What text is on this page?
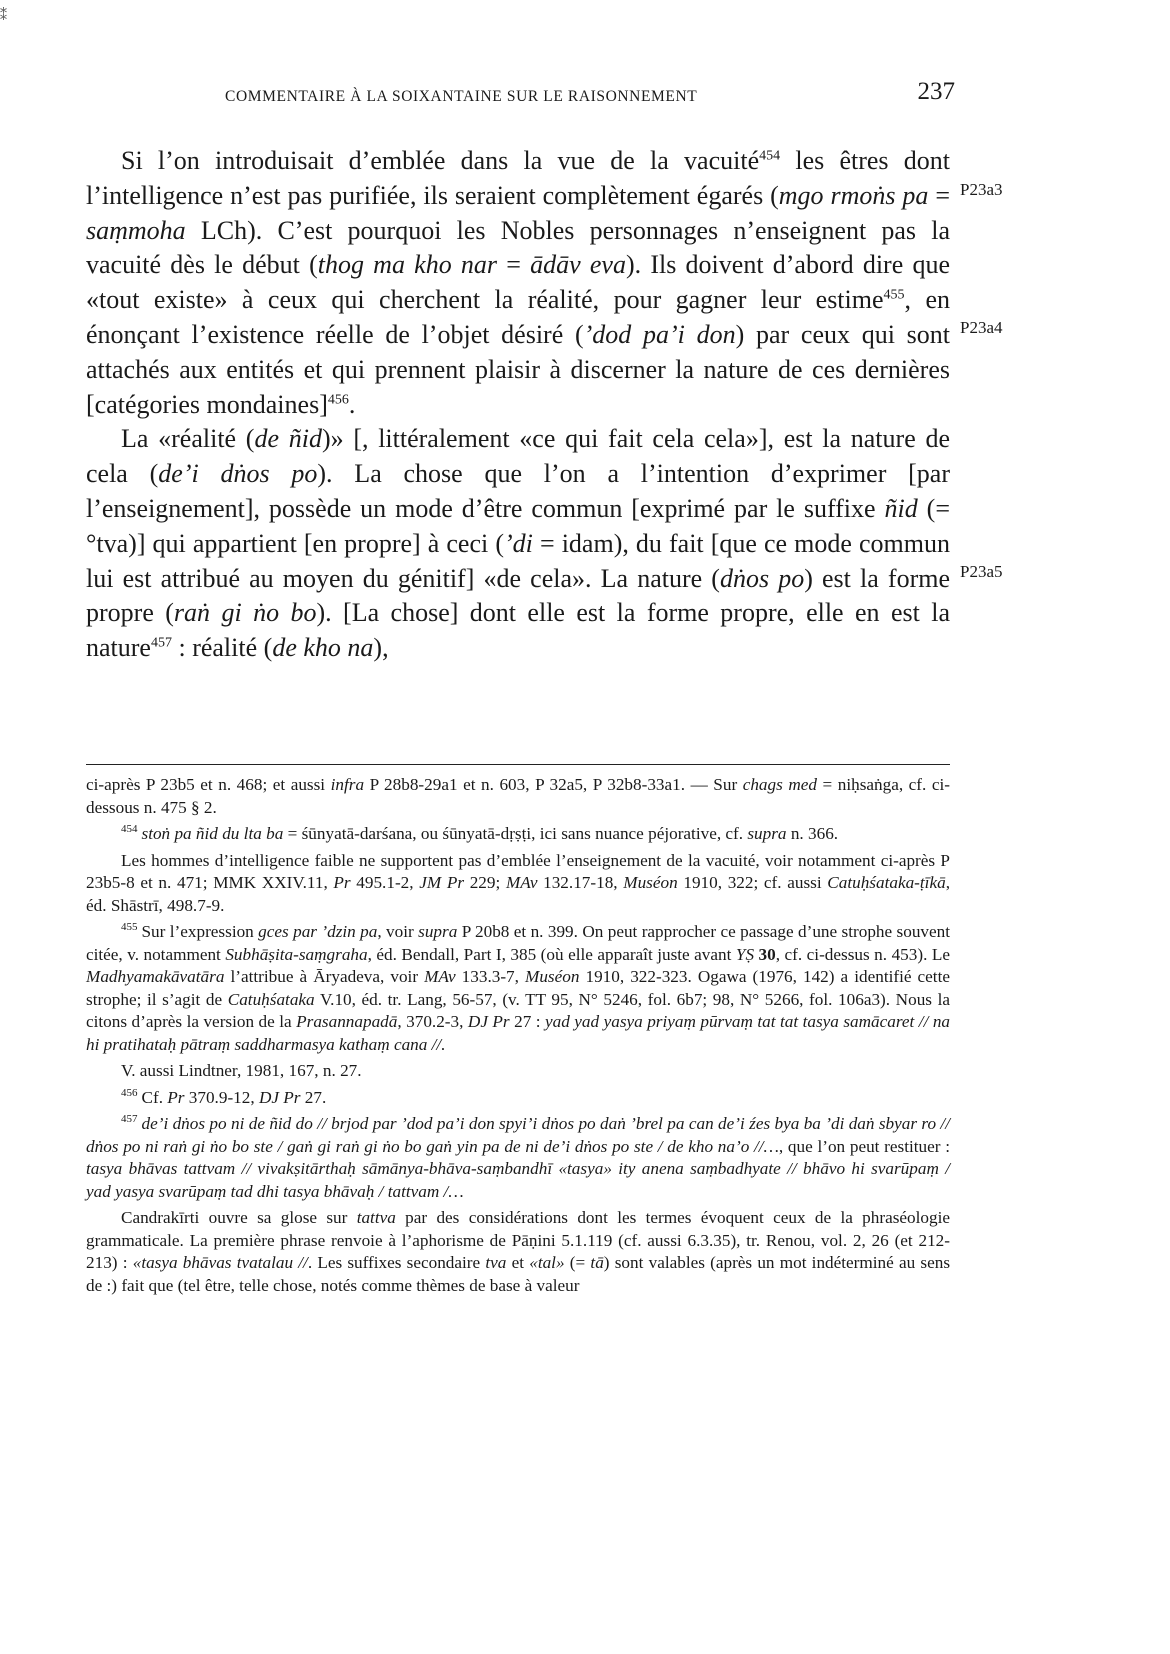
⁑
COMMENTAIRE À LA SOIXANTAINE SUR LE RAISONNEMENT	237
P23a3
P23a4
P23a5

Si l’on introduisait d’emblée dans la vue de la vacuité$^{454}$ les êtres dont l’intelligence n’est pas purifiée, ils seraient complètement égarés (mgo rmoṅs pa = saṃmoha LCh). C’est pourquoi les Nobles personnages n’enseignent pas la vacuité dès le début (thog ma kho nar = ādāv eva). Ils doivent d’abord dire que «tout existe» à ceux qui cherchent la réalité, pour gagner leur estime$^{455}$, en énonçant l’existence réelle de l’objet désiré (’dod pa’i don) par ceux qui sont attachés aux entités et qui prennent plaisir à discerner la nature de ces dernières [catégories mondaines]$^{456}$.

La «réalité (de ñid)» [, littéralement «ce qui fait cela cela»], est la nature de cela (de’i dṅos po). La chose que l’on a l’intention d’exprimer [par l’enseignement], possède un mode d’être commun [exprimé par le suffixe ñid (= °tva)] qui appartient [en propre] à ceci (’di = idam), du fait [que ce mode commun lui est attribué au moyen du génitif] «de cela». La nature (dṅos po) est la forme propre (raṅ gi ṅo bo). [La chose] dont elle est la forme propre, elle en est la nature$^{457}$ : réalité (de kho na),

ci-après P 23b5 et n. 468; et aussi infra P 28b8-29a1 et n. 603, P 32a5, P 32b8-33a1. — Sur chags med = niḥsaṅga, cf. ci-dessous n. 475 § 2.

$^{454}$ stoṅ pa ñid du lta ba = śūnyatā-darśana, ou śūnyatā-dṛṣṭi, ici sans nuance péjorative, cf. supra n. 366.

Les hommes d’intelligence faible ne supportent pas d’emblée l’enseignement de la vacuité, voir notamment ci-après P 23b5-8 et n. 471; MMK XXIV.11, Pr 495.1-2, JM Pr 229; MAv 132.17-18, Muséon 1910, 322; cf. aussi Catuḥśataka-ṭīkā, éd. Shāstrī, 498.7-9.

$^{455}$ Sur l’expression gces par ’dzin pa, voir supra P 20b8 et n. 399. On peut rapprocher ce passage d’une strophe souvent citée, v. notamment Subhāṣita-saṃgraha, éd. Bendall, Part I, 385 (où elle apparaît juste avant YṢ 30, cf. ci-dessus n. 453). Le Madhyamakāvatāra l’attribue à Āryadeva, voir MAv 133.3-7, Muséon 1910, 322-323. Ogawa (1976, 142) a identifié cette strophe; il s’agit de Catuḥśataka V.10, éd. tr. Lang, 56-57, (v. TT 95, N° 5246, fol. 6b7; 98, N° 5266, fol. 106a3). Nous la citons d’après la version de la Prasannapadā, 370.2-3, DJ Pr 27 : yad yad yasya priyaṃ pūrvaṃ tat tat tasya samācaret // na hi pratihataḥ pātraṃ saddharmasya kathaṃ cana //.

V. aussi Lindtner, 1981, 167, n. 27.

$^{456}$ Cf. Pr 370.9-12, DJ Pr 27.

$^{457}$ de’i dṅos po ni de ñid do // brjod par ’dod pa’i don spyi’i dṅos po daṅ ’brel pa can de’i źes bya ba ’di daṅ sbyar ro // dṅos po ni raṅ gi ṅo bo ste / gaṅ gi raṅ gi ṅo bo gaṅ yin pa de ni de’i dṅos po ste / de kho na’o //…, que l’on peut restituer : tasya bhāvas tattvam // vivakṣitārthaḥ sāmānya-bhāva-saṃbandhī «tasya» ity anena saṃbadhyate // bhāvo hi svarūpaṃ / yad yasya svarūpaṃ tad dhi tasya bhāvaḥ / tattvam /…

Candrakīrti ouvre sa glose sur tattva par des considérations dont les termes évoquent ceux de la phraséologie grammaticale. La première phrase renvoie à l’aphorisme de Pāṇini 5.1.119 (cf. aussi 6.3.35), tr. Renou, vol. 2, 26 (et 212-213) : «tasya bhāvas tvatalau //. Les suffixes secondaire tva et «tal» (= tā) sont valables (après un mot indéterminé au sens de :) fait que (tel être, telle chose, notés comme thèmes de base à valeur
